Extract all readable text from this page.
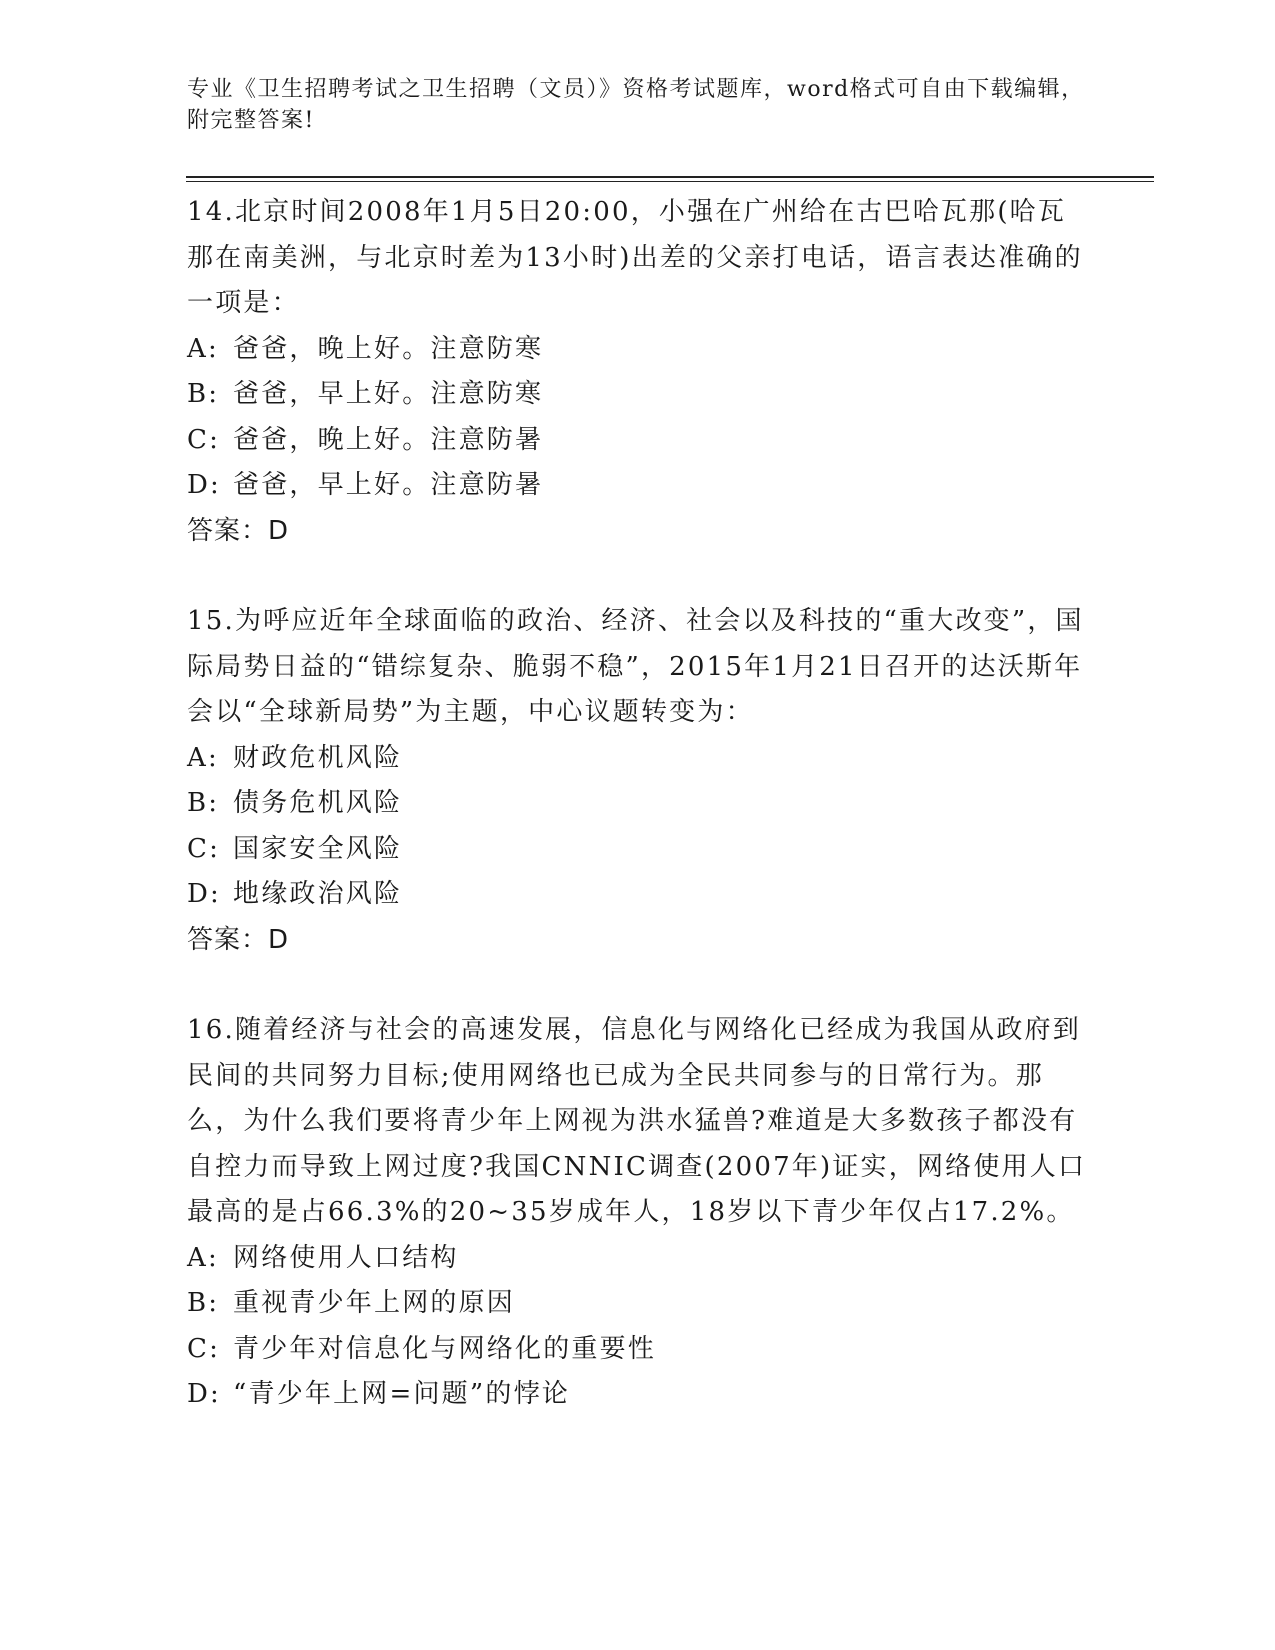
专业《卫生招聘考试之卫生招聘（文员）》资格考试题库，word格式可自由下载编辑，附完整答案!
14.北京时间2008年1月5日20:00，小强在广州给在古巴哈瓦那(哈瓦那在南美洲，与北京时差为13小时)出差的父亲打电话，语言表达准确的一项是：
A: 爸爸，晚上好。注意防寒
B: 爸爸，早上好。注意防寒
C: 爸爸，晚上好。注意防暑
D: 爸爸，早上好。注意防暑
答案：D
15.为呼应近年全球面临的政治、经济、社会以及科技的“重大改变”，国际局势日益的“错综复杂、脆弱不稳”，2015年1月21日召开的达沃斯年会以“全球新局势”为主题，中心议题转变为：
A: 财政危机风险
B: 债务危机风险
C: 国家安全风险
D: 地缘政治风险
答案：D
16.随着经济与社会的高速发展，信息化与网络化已经成为我国从政府到民间的共同努力目标;使用网络也已成为全民共同参与的日常行为。那么，为什么我们要将青少年上网视为洪水猛兽?难道是大多数孩子都没有自控力而导致上网过度?我国CNNIC调查(2007年)证实，网络使用人口最高的是占66.3%的20~35岁成年人，18岁以下青少年仅占17.2%。
A: 网络使用人口结构
B: 重视青少年上网的原因
C: 青少年对信息化与网络化的重要性
D: “青少年上网=问题”的悖论
